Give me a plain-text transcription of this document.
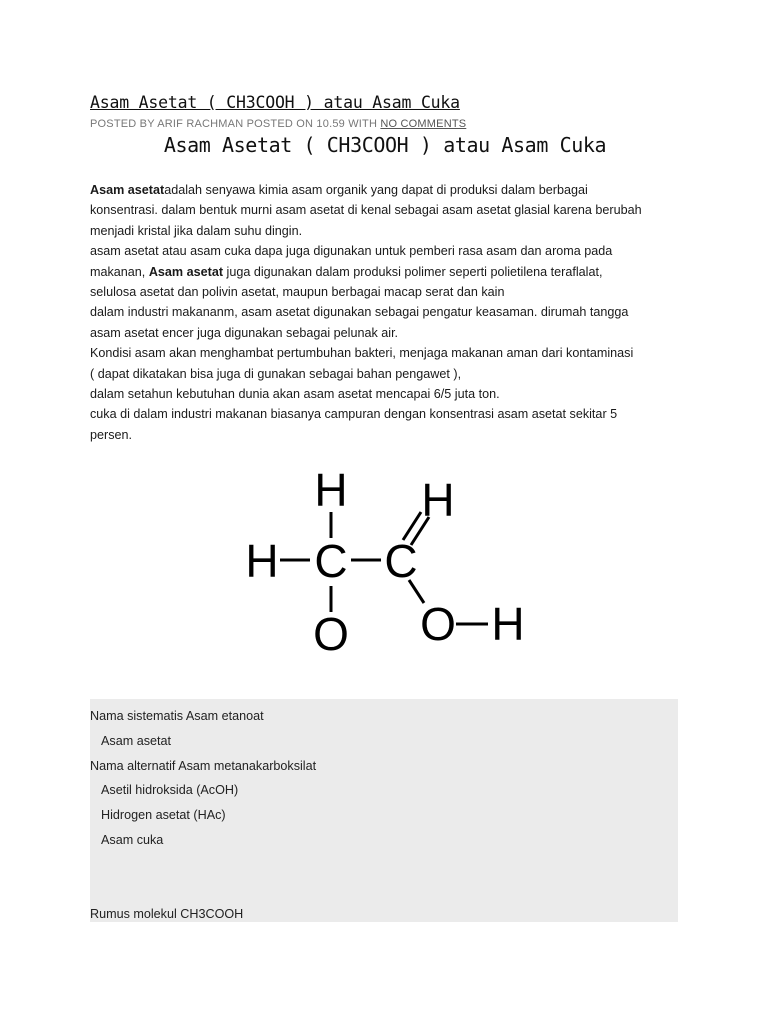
Asam Asetat ( CH3COOH ) atau Asam Cuka
POSTED BY ARIF RACHMAN POSTED ON 10.59 WITH NO COMMENTS
Asam Asetat ( CH3COOH ) atau Asam Cuka
Asam asetatadalah senyawa kimia asam organik yang dapat di produksi dalam berbagai
konsentrasi. dalam bentuk murni asam asetat di kenal sebagai asam asetat glasial karena berubah
menjadi kristal jika dalam suhu dingin.
asam asetat atau asam cuka dapa juga digunakan untuk pemberi rasa asam dan aroma pada
makanan, Asam asetat juga digunakan dalam produksi polimer seperti polietilena teraflalat,
selulosa asetat dan polivin asetat, maupun berbagai macap serat dan kain
dalam industri makananm, asam asetat digunakan sebagai pengatur keasaman. dirumah tangga
asam asetat encer juga digunakan sebagai pelunak air.
Kondisi asam akan menghambat pertumbuhan bakteri, menjaga makanan aman dari kontaminasi
( dapat dikatakan bisa juga di gunakan sebagai bahan pengawet ),
dalam setahun kebutuhan dunia akan asam asetat mencapai 6/5 juta ton.
cuka di dalam industri makanan biasanya campuran dengan konsentrasi asam asetat sekitar 5
persen.
H
H C C
O
H
O H
Nama sistematis Asam etanoat
Asam asetat
Nama alternatif Asam metanakarboksilat
Asetil hidroksida (AcOH)
Hidrogen asetat (HAc)
Asam cuka
Rumus molekul CH3COOH
